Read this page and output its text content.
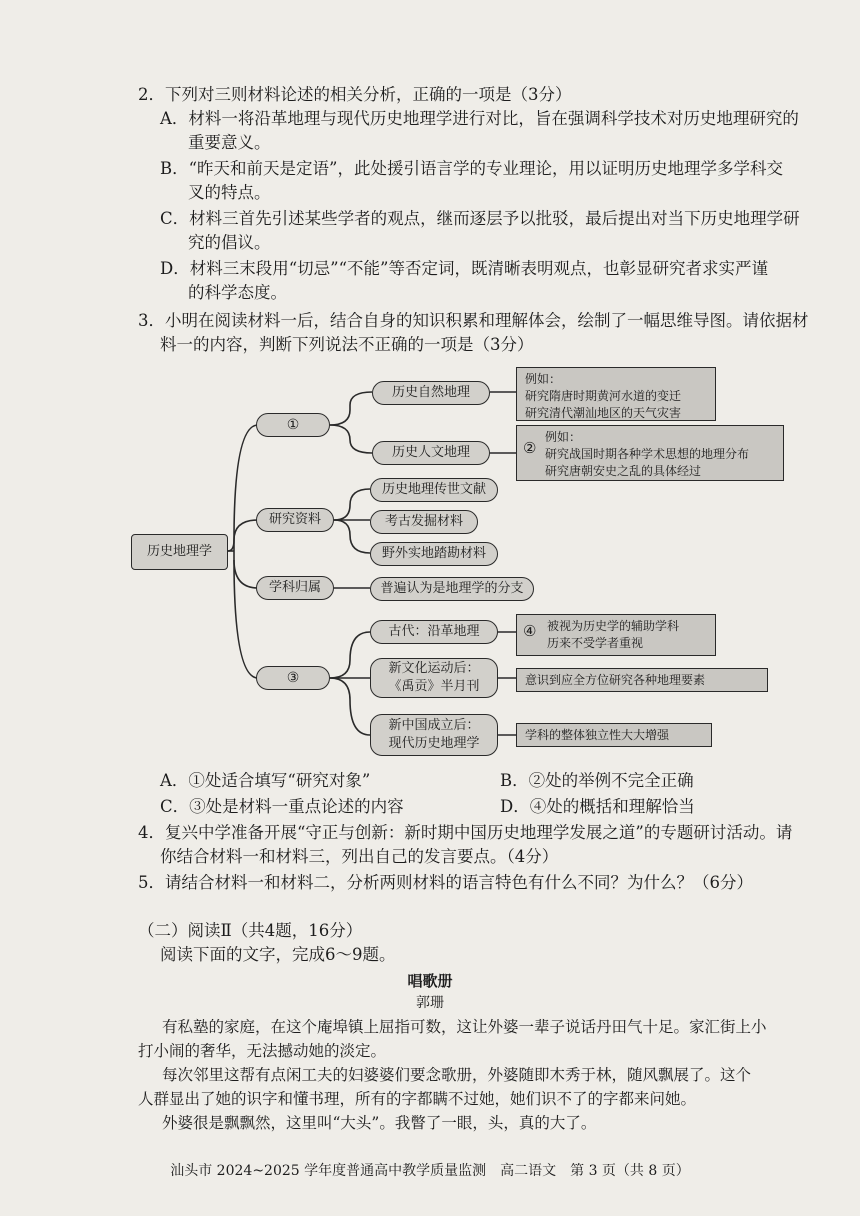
2．下列对三则材料论述的相关分析，正确的一项是（3分）
A．材料一将沿革地理与现代历史地理学进行对比，旨在强调科学技术对历史地理研究的
重要意义。
B．“昨天和前天是定语”，此处援引语言学的专业理论，用以证明历史地理学多学科交
叉的特点。
C．材料三首先引述某些学者的观点，继而逐层予以批驳，最后提出对当下历史地理学研
究的倡议。
D．材料三末段用“切忌”“不能”等否定词，既清晰表明观点，也彰显研究者求实严谨
的科学态度。
3．小明在阅读材料一后，结合自身的知识积累和理解体会，绘制了一幅思维导图。请依据材
料一的内容，判断下列说法不正确的一项是（3分）
历史地理学
①
历史自然地理
例如：
研究隋唐时期黄河水道的变迁
研究清代潮汕地区的天气灾害
历史人文地理
例如：
研究战国时期各种学术思想的地理分布
研究唐朝安史之乱的具体经过
②
研究资料
历史地理传世文献
考古发掘材料
野外实地踏勘材料
学科归属	普遍认为是地理学的分支
③
古代：沿革地理	④ 被视为历史学的辅助学科
历来不受学者重视
新文化运动后：
《禹贡》半月刊	意识到应全方位研究各种地理要素
新中国成立后：
现代历史地理学
学科的整体独立性大大增强
A．①处适合填写“研究对象”	B．②处的举例不完全正确
C．③处是材料一重点论述的内容	D．④处的概括和理解恰当
4．复兴中学准备开展“守正与创新：新时期中国历史地理学发展之道”的专题研讨活动。请
你结合材料一和材料三，列出自己的发言要点。（4分）
5．请结合材料一和材料二，分析两则材料的语言特色有什么不同？为什么？（6分）
（二）阅读Ⅱ（共4题，16分）
阅读下面的文字，完成6～9题。
唱歌册
郭珊
有私塾的家庭，在这个庵埠镇上屈指可数，这让外婆一辈子说话丹田气十足。家汇街上小
打小闹的奢华，无法撼动她的淡定。
每次邻里这帮有点闲工夫的妇婆婆们要念歌册，外婆随即木秀于林，随风飘展了。这个
人群显出了她的识字和懂书理，所有的字都瞒不过她，她们识不了的字都来问她。
外婆很是飘飘然，这里叫“大头”。我瞥了一眼，头，真的大了。
汕头市 2024~2025 学年度普通高中教学质量监测　高二语文　第 3 页（共 8 页）
